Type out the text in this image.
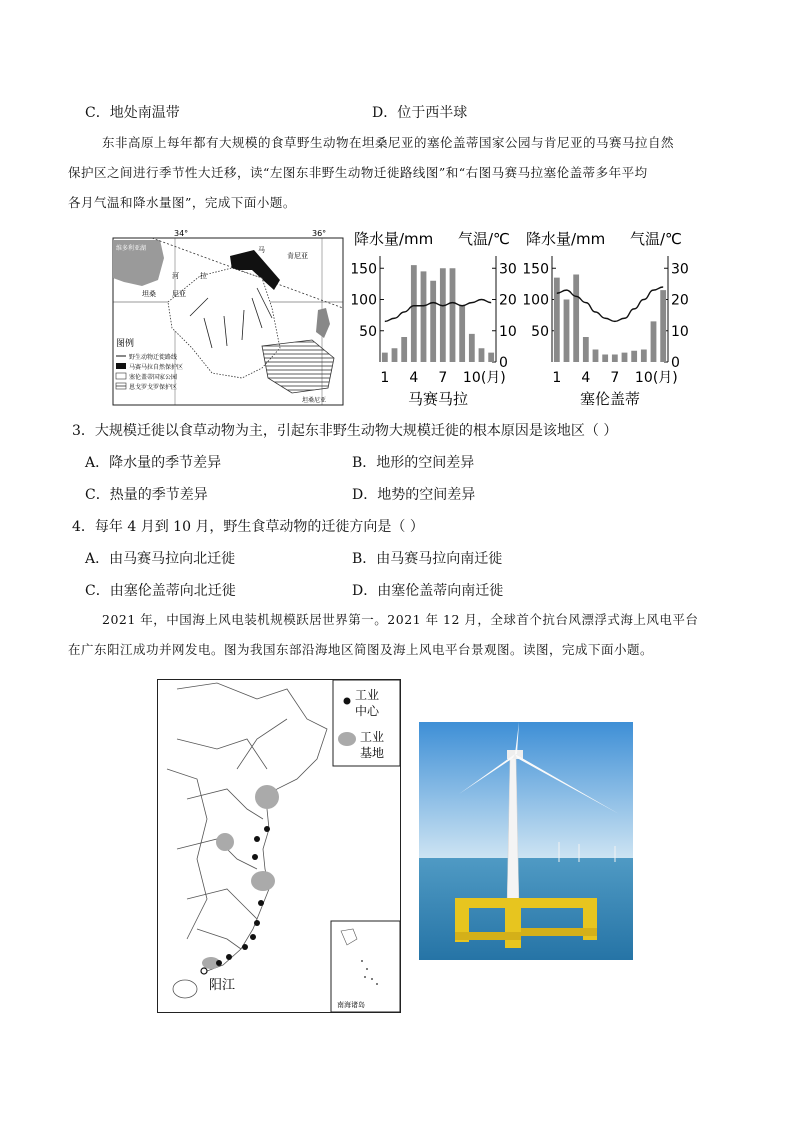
C．地处南温带	D．位于西半球
东非高原上每年都有大规模的食草野生动物在坦桑尼亚的塞伦盖蒂国家公园与肯尼亚的马赛马拉自然
保护区之间进行季节性大迁移，读“左图东非野生动物迁徙路线图”和“右图马赛马拉塞伦盖蒂多年平均
各月气温和降水量图”，完成下面小题。
34°	36°
维多利亚湖
肯尼亚
马
河	拉
坦桑 尼亚
坦桑尼亚
图例
野生动物迁徙路线
马赛马拉自然保护区
塞伦盖蒂国家公园
恩戈罗戈罗保护区
降水量/mm 气温/℃
150
100
50
30
20
10
0
1 4 7 10 (月)
马赛马拉
降水量/mm 气温/℃
150
100
50
30
20
10
0
1 4 7 10 (月)
塞伦盖蒂
3．大规模迁徙以食草动物为主，引起东非野生动物大规模迁徙的根本原因是该地区（ ）
A．降水量的季节差异	B．地形的空间差异
C．热量的季节差异	D．地势的空间差异
4．每年 4 月到 10 月，野生食草动物的迁徙方向是（ ）
A．由马赛马拉向北迁徙	B．由马赛马拉向南迁徙
C．由塞伦盖蒂向北迁徙	D．由塞伦盖蒂向南迁徙
2021 年，中国海上风电装机规模跃居世界第一。2021 年 12 月，全球首个抗台风漂浮式海上风电平台
在广东阳江成功并网发电。图为我国东部沿海地区简图及海上风电平台景观图。读图，完成下面小题。
工业
中心
工业
基地
阳江
南海诸岛
